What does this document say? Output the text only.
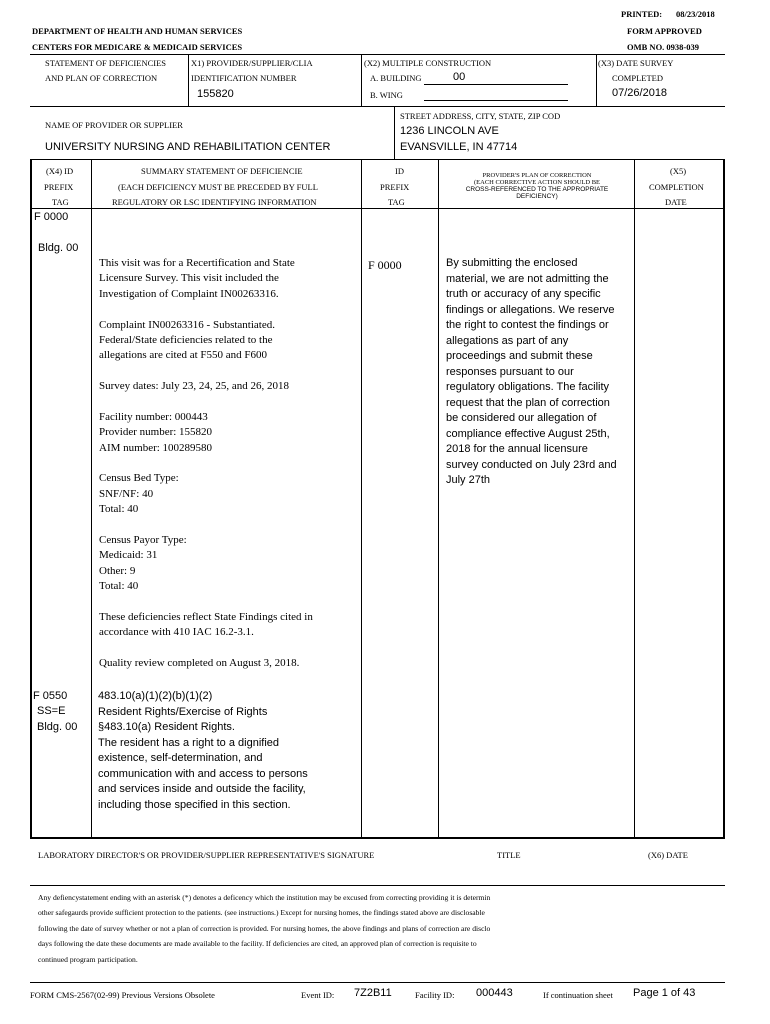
PRINTED: 08/23/2018
FORM APPROVED
DEPARTMENT OF HEALTH AND HUMAN SERVICES
CENTERS FOR MEDICARE & MEDICAID SERVICES	OMB NO. 0938-039
STATEMENT OF DEFICIENCIES
AND PLAN OF CORRECTION
X1) PROVIDER/SUPPLIER/CLIA
IDENTIFICATION NUMBER
155820
(X2) MULTIPLE CONSTRUCTION
A. BUILDING	00
B. WING
(X3) DATE SURVEY
COMPLETED
07/26/2018
NAME OF PROVIDER OR SUPPLIER
UNIVERSITY NURSING AND REHABILITATION CENTER
STREET ADDRESS, CITY, STATE, ZIP COD
1236 LINCOLN AVE
EVANSVILLE, IN 47714
(X4) ID
PREFIX
TAG
SUMMARY STATEMENT OF DEFICIENCIE
(EACH DEFICIENCY MUST BE PRECEDED BY FULL
REGULATORY OR LSC IDENTIFYING INFORMATION
ID
PREFIX
TAG
PROVIDER'S PLAN OF CORRECTION
(EACH CORRECTIVE ACTION SHOULD BE
CROSS-REFERENCED TO THE APPROPRIATE
DEFICIENCY)
(X5)
COMPLETION
DATE
F 0000
Bldg. 00
This visit was for a Recertification and State
Licensure Survey. This visit included the
Investigation of Complaint IN00263316.
Complaint IN00263316 - Substantiated.
Federal/State deficiencies related to the
allegations are cited at F550 and F600
Survey dates: July 23, 24, 25, and 26, 2018
Facility number: 000443
Provider number: 155820
AIM number: 100289580
Census Bed Type:
SNF/NF: 40
Total: 40
Census Payor Type:
Medicaid: 31
Other: 9
Total: 40
These deficiencies reflect State Findings cited in
accordance with 410 IAC 16.2-3.1.
Quality review completed on August 3, 2018.
F 0000	By submitting the enclosed
material, we are not admitting the
truth or accuracy of any specific
findings or allegations. We reserve
the right to contest the findings or
allegations as part of any
proceedings and submit these
responses pursuant to our
regulatory obligations. The facility
request that the plan of correction
be considered our allegation of
compliance effective August 25th,
2018 for the annual licensure
survey conducted on July 23rd and
July 27th
F 0550
SS=E
Bldg. 00
483.10(a)(1)(2)(b)(1)(2)
Resident Rights/Exercise of Rights
§483.10(a) Resident Rights.
The resident has a right to a dignified
existence, self-determination, and
communication with and access to persons
and services inside and outside the facility,
including those specified in this section.
LABORATORY DIRECTOR'S OR PROVIDER/SUPPLIER REPRESENTATIVE'S SIGNATURE	TITLE	(X6) DATE
Any defiencystatement ending with an asterisk (*) denotes a deficency which the institution may be excused from correcting providing it is determin
other safegaurds provide sufficient protection to the patients. (see instructions.) Except for nursing homes, the findings stated above are disclosable
following the date of survey whether or not a plan of correction is provided. For nursing homes, the above findings and plans of correction are disclo
days following the date these documents are made available to the facility. If deficiencies are cited, an approved plan of correction is requisite to
continued program participation.
FORM CMS-2567(02-99) Previous Versions Obsolete	Event ID: 7Z2B11	Facility ID: 000443	If continuation sheet Page 1 of 43
